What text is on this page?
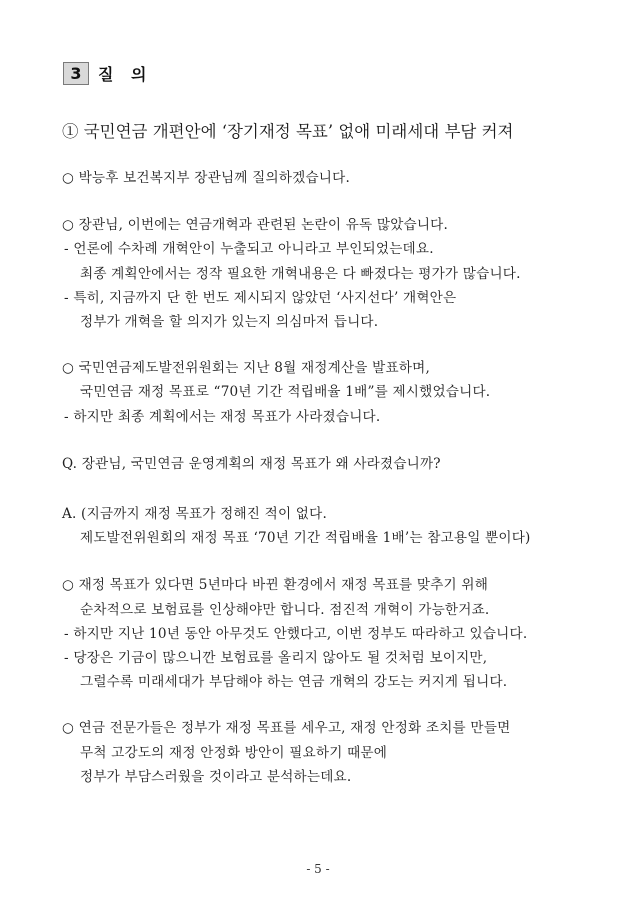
3	질 의
① 국민연금 개편안에 ‘장기재정 목표’ 없애 미래세대 부담 커져
○ 박능후 보건복지부 장관님께 질의하겠습니다.
○ 장관님, 이번에는 연금개혁과 관련된 논란이 유독 많았습니다.
- 언론에 수차례 개혁안이 누출되고 아니라고 부인되었는데요.
최종 계획안에서는 정작 필요한 개혁내용은 다 빠졌다는 평가가 많습니다.
- 특히, 지금까지 단 한 번도 제시되지 않았던 ‘사지선다’ 개혁안은
정부가 개혁을 할 의지가 있는지 의심마저 듭니다.
○ 국민연금제도발전위원회는 지난 8월 재정계산을 발표하며,
국민연금 재정 목표로 “70년 기간 적립배율 1배”를 제시했었습니다.
- 하지만 최종 계획에서는 재정 목표가 사라졌습니다.
Q. 장관님, 국민연금 운영계획의 재정 목표가 왜 사라졌습니까?
A. (지금까지 재정 목표가 정해진 적이 없다.
제도발전위원회의 재정 목표 ‘70년 기간 적립배율 1배’는 참고용일 뿐이다)
○ 재정 목표가 있다면 5년마다 바뀐 환경에서 재정 목표를 맞추기 위해
순차적으로 보험료를 인상해야만 합니다. 점진적 개혁이 가능한거죠.
- 하지만 지난 10년 동안 아무것도 안했다고, 이번 정부도 따라하고 있습니다.
- 당장은 기금이 많으니깐 보험료를 올리지 않아도 될 것처럼 보이지만,
그럴수록 미래세대가 부담해야 하는 연금 개혁의 강도는 커지게 됩니다.
○ 연금 전문가들은 정부가 재정 목표를 세우고, 재정 안정화 조치를 만들면
무척 고강도의 재정 안정화 방안이 필요하기 때문에
정부가 부담스러웠을 것이라고 분석하는데요.
- 5 -
